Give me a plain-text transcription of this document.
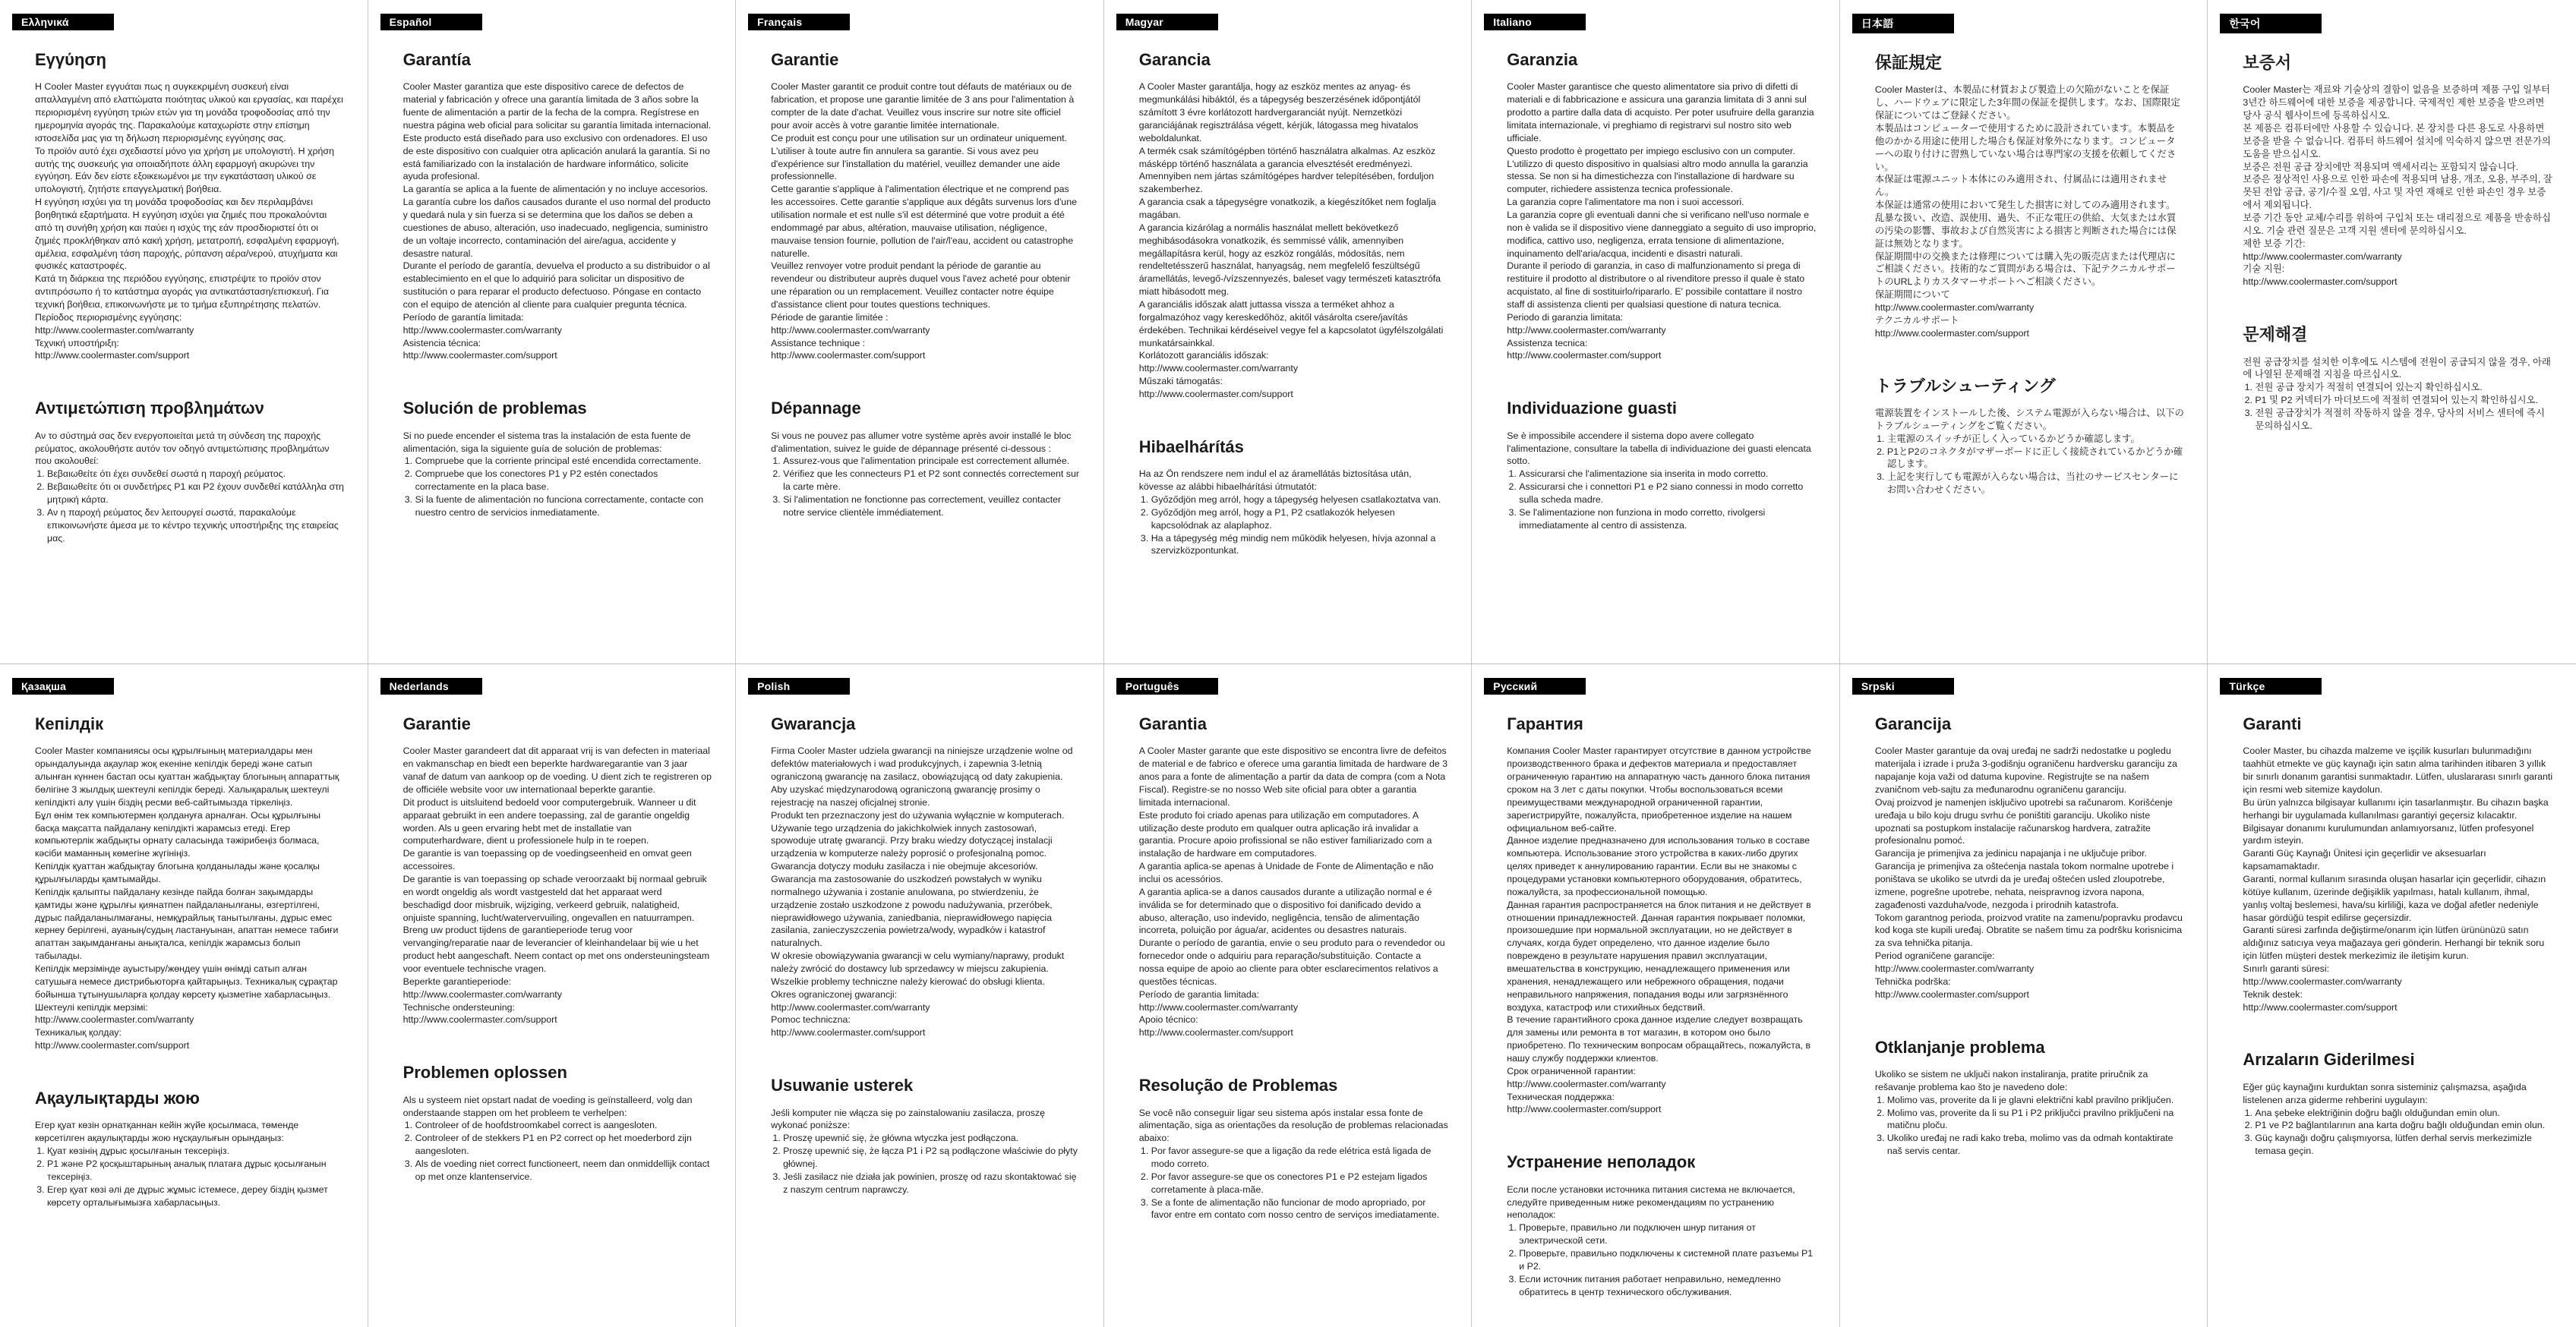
Ελληνικά
Εγγύηση

Η Cooler Master εγγυάται πως η συγκεκριμένη συσκευή είναι απαλλαγμένη από ελαττώματα ποιότητας υλικού και εργασίας, και παρέχει περιορισμένη εγγύηση τριών ετών για τη μονάδα τροφοδοσίας από την ημερομηνία αγοράς της. Παρακαλούμε καταχωρίστε στην επίσημη ιστοσελίδα μας για τη δήλωση περιορισμένης εγγύησης σας.
Το προϊόν αυτό έχει σχεδιαστεί μόνο για χρήση με υπολογιστή. Η χρήση αυτής της συσκευής για οποιαδήποτε άλλη εφαρμογή ακυρώνει την εγγύηση. Εάν δεν είστε εξοικειωμένοι με την εγκατάσταση υλικού σε υπολογιστή, ζητήστε επαγγελματική βοήθεια.
Η εγγύηση ισχύει για τη μονάδα τροφοδοσίας και δεν περιλαμβάνει βοηθητικά εξαρτήματα. Η εγγύηση ισχύει για ζημιές που προκαλούνται από τη συνήθη χρήση και παύει η ισχύς της εάν προσδιοριστεί ότι οι ζημιές προκλήθηκαν από κακή χρήση, μετατροπή, εσφαλμένη εφαρμογή, αμέλεια, εσφαλμένη τάση παροχής, ρύπανση αέρα/νερού, ατυχήματα και φυσικές καταστροφές.
Κατά τη διάρκεια της περιόδου εγγύησης, επιστρέψτε το προϊόν στον αντιπρόσωπο ή το κατάστημα αγοράς για αντικατάσταση/επισκευή. Για τεχνική βοήθεια, επικοινωνήστε με το τμήμα εξυπηρέτησης πελατών.
Περίοδος περιορισμένης εγγύησης:
http://www.coolermaster.com/warranty
Τεχνική υποστήριξη:
http://www.coolermaster.com/support

Αντιμετώπιση προβλημάτων

Αν το σύστημά σας δεν ενεργοποιείται μετά τη σύνδεση της παροχής ρεύματος, ακολουθήστε αυτόν τον οδηγό αντιμετώπισης προβλημάτων που ακολουθεί:

1. Βεβαιωθείτε ότι έχει συνδεθεί σωστά η παροχή ρεύματος.
2. Βεβαιωθείτε ότι οι συνδετήρες P1 και P2 έχουν συνδεθεί κατάλληλα στη μητρική κάρτα.
3. Αν η παροχή ρεύματος δεν λειτουργεί σωστά, παρακαλούμε επικοινωνήστε άμεσα με το κέντρο τεχνικής υποστήριξης της εταιρείας μας.
Español
Garantía

Cooler Master garantiza que este dispositivo carece de defectos de material y fabricación y ofrece una garantía limitada de 3 años sobre la fuente de alimentación a partir de la fecha de la compra. Regístrese en nuestra página web oficial para solicitar su garantía limitada internacional.
Este producto está diseñado para uso exclusivo con ordenadores. El uso de este dispositivo con cualquier otra aplicación anulará la garantía. Si no está familiarizado con la instalación de hardware informático, solicite ayuda profesional.
La garantía se aplica a la fuente de alimentación y no incluye accesorios.
La garantía cubre los daños causados durante el uso normal del producto y quedará nula y sin fuerza si se determina que los daños se deben a cuestiones de abuso, alteración, uso inadecuado, negligencia, suministro de un voltaje incorrecto, contaminación del aire/agua, accidente y desastre natural.
Durante el período de garantía, devuelva el producto a su distribuidor o al establecimiento en el que lo adquirió para solicitar un dispositivo de sustitución o para reparar el producto defectuoso. Póngase en contacto con el equipo de atención al cliente para cualquier pregunta técnica.
Período de garantía limitada:
http://www.coolermaster.com/warranty
Asistencia técnica:
http://www.coolermaster.com/support

Solución de problemas

Si no puede encender el sistema tras la instalación de esta fuente de alimentación, siga la siguiente guía de solución de problemas:

1. Compruebe que la corriente principal esté encendida correctamente.
2. Compruebe que los conectores P1 y P2 estén conectados correctamente en la placa base.
3. Si la fuente de alimentación no funciona correctamente, contacte con nuestro centro de servicios inmediatamente.
Français
Garantie

Cooler Master garantit ce produit contre tout défauts de matériaux ou de fabrication, et propose une garantie limitée de 3 ans pour l'alimentation à compter de la date d'achat. Veuillez vous inscrire sur notre site officiel pour avoir accès à votre garantie limitée internationale.
Ce produit est conçu pour une utilisation sur un ordinateur uniquement. L'utiliser à toute autre fin annulera sa garantie. Si vous avez peu d'expérience sur l'installation du matériel, veuillez demander une aide professionnelle.
Cette garantie s'applique à l'alimentation électrique et ne comprend pas les accessoires. Cette garantie s'applique aux dégâts survenus lors d'une utilisation normale et est nulle s'il est déterminé que votre produit a été endommagé par abus, altération, mauvaise utilisation, négligence, mauvaise tension fournie, pollution de l'air/l'eau, accident ou catastrophe naturelle.
Veuillez renvoyer votre produit pendant la période de garantie au revendeur ou distributeur auprès duquel vous l'avez acheté pour obtenir une réparation ou un remplacement. Veuillez contacter notre équipe d'assistance client pour toutes questions techniques.
Période de garantie limitée :
http://www.coolermaster.com/warranty
Assistance technique :
http://www.coolermaster.com/support

Dépannage

Si vous ne pouvez pas allumer votre système après avoir installé le bloc d'alimentation, suivez le guide de dépannage présenté ci-dessous :

1. Assurez-vous que l'alimentation principale est correctement allumée.
2. Vérifiez que les connecteurs P1 et P2 sont connectés correctement sur la carte mère.
3. Si l'alimentation ne fonctionne pas correctement, veuillez contacter notre service clientèle immédiatement.
Magyar
Garancia

A Cooler Master garantálja, hogy az eszköz mentes az anyag- és megmunkálási hibáktól, és a tápegység beszerzésének időpontjától számított 3 évre korlátozott hardvergaranciát nyújt. Nemzetközi garanciájának regisztrálása végett, kérjük, látogassa meg hivatalos weboldalunkat.
A termék csak számítógépben történő használatra alkalmas. Az eszköz másképp történő használata a garancia elvesztését eredményezi. Amennyiben nem jártas számítógépes hardver telepítésében, forduljon szakemberhez.
A garancia csak a tápegységre vonatkozik, a kiegészítőket nem foglalja magában.
A garancia kizárólag a normális használat mellett bekövetkező meghibásodásokra vonatkozik, és semmissé válik, amennyiben megállapításra kerül, hogy az eszköz rongálás, módosítás, nem rendeltetésszerű használat, hanyagság, nem megfelelő feszültségű áramellátás, levegő-/vízszennyezés, baleset vagy természeti katasztrófa miatt hibásodott meg.
A garanciális időszak alatt juttassa vissza a terméket ahhoz a forgalmazóhoz vagy kereskedőhöz, akitől vásárolta csere/javítás érdekében. Technikai kérdéseivel vegye fel a kapcsolatot ügyfélszolgálati munkatársainkkal.
Korlátozott garanciális időszak:
http://www.coolermaster.com/warranty
Műszaki támogatás:
http://www.coolermaster.com/support

Hibaelhárítás

Ha az Ön rendszere nem indul el az áramellátás biztosítása után, kövesse az alábbi hibaelhárítási útmutatót:

1. Győződjön meg arról, hogy a tápegység helyesen csatlakoztatva van.
2. Győződjön meg arról, hogy a P1, P2 csatlakozók helyesen kapcsolódnak az alaplaphoz.
3. Ha a tápegység még mindig nem működik helyesen, hívja azonnal a szervizközpontunkat.
Italiano
Garanzia

Cooler Master garantisce che questo alimentatore sia privo di difetti di materiali e di fabbricazione e assicura una garanzia limitata di 3 anni sul prodotto a partire dalla data di acquisto. Per poter usufruire della garanzia limitata internazionale, vi preghiamo di registrarvi sul nostro sito web ufficiale.
Questo prodotto è progettato per impiego esclusivo con un computer. L'utilizzo di questo dispositivo in qualsiasi altro modo annulla la garanzia stessa. Se non si ha dimestichezza con l'installazione di hardware su computer, richiedere assistenza tecnica professionale.
La garanzia copre l'alimentatore ma non i suoi accessori.
La garanzia copre gli eventuali danni che si verificano nell'uso normale e non è valida se il dispositivo viene danneggiato a seguito di uso improprio, modifica, cattivo uso, negligenza, errata tensione di alimentazione, inquinamento dell'aria/acqua, incidenti e disastri naturali.
Durante il periodo di garanzia, in caso di malfunzionamento si prega di restituire il prodotto al distributore o al rivenditore presso il quale è stato acquistato, al fine di sostituirlo/ripararlo. E' possibile contattare il nostro staff di assistenza clienti per qualsiasi questione di natura tecnica.
Periodo di garanzia limitata:
http://www.coolermaster.com/warranty
Assistenza tecnica:
http://www.coolermaster.com/support

Individuazione guasti

Se è impossibile accendere il sistema dopo avere collegato l'alimentazione, consultare la tabella di individuazione dei guasti elencata sotto.

1. Assicurarsi che l'alimentazione sia inserita in modo corretto.
2. Assicurarsi che i connettori P1 e P2 siano connessi in modo corretto sulla scheda madre.
3. Se l'alimentazione non funziona in modo corretto, rivolgersi immediatamente al centro di assistenza.
日本語
保証規定

Cooler Masterは、本製品に材質および製造上の欠陥がないことを保証し、ハードウェアに限定した3年間の保証を提供します。なお、国際限定保証についてはご登録ください。
本製品はコンピューターで使用するために設計されています。本製品を他のかかる用途に使用した場合も保証対象外になります。コンピューターへの取り付けに習熟していない場合は専門家の支援を依頼してください。
本保証は電源ユニット本体にのみ適用され、付属品には適用されません。
本保証は通常の使用において発生した損害に対してのみ適用されます。乱暴な扱い、改造、誤使用、過失、不正な電圧の供給、大気または水質の汚染の影響、事故および自然災害による損害と判断された場合には保証は無効となります。
保証期間中の交換または修理については購入先の販売店または代理店にご相談ください。技術的なご質問がある場合は、下記テクニカルサポートのURLよりカスタマーサポートへご相談ください。
保証期間について
http://www.coolermaster.com/warranty
テクニカルサポート
http://www.coolermaster.com/support

トラブルシューティング

電源装置をインストールした後、システム電源が入らない場合は、以下のトラブルシューティングをご覧ください。

1. 主電源のスイッチが正しく入っているかどうか確認します。
2. P1とP2のコネクタがマザーボードに正しく接続されているかどうか確認します。
3. 上記を実行しても電源が入らない場合は、当社のサービスセンターにお問い合わせください。
한국어
보증서

Cooler Master는 재료와 기술상의 결함이 없음을 보증하며 제품 구입 일부터 3년간 하드웨어에 대한 보증을 제공합니다. 국제적인 제한 보증을 받으려면 당사 공식 웹사이트에 등록하십시오.
본 제품은 컴퓨터에만 사용할 수 있습니다. 본 장치를 다른 용도로 사용하면 보증을 받을 수 없습니다. 컴퓨터 하드웨어 설치에 익숙하지 않으면 전문가의 도움을 받으십시오.
보증은 전원 공급 장치에만 적용되며 액세서리는 포함되지 않습니다.
보증은 정상적인 사용으로 인한 파손에 적용되며 남용, 개조, 오용, 부주의, 잘못된 전압 공급, 공기/수질 오염, 사고 및 자연 재해로 인한 파손인 경우 보증에서 제외됩니다.
보증 기간 동안 교체/수리를 위하여 구입처 또는 대리점으로 제품을 반송하십시오. 기술 관련 질문은 고객 지원 센터에 문의하십시오.
제한 보증 기간:
http://www.coolermaster.com/warranty
기술 지원:
http://www.coolermaster.com/support

문제해결

전원 공급장치를 설치한 이후에도 시스템에 전원이 공급되지 않을 경우, 아래에 나열된 문제해결 지침을 따르십시오.

1. 전원 공급 장치가 적절히 연결되어 있는지 확인하십시오.
2. P1 및 P2 커넥터가 마더보드에 적절히 연결되어 있는지 확인하십시오.
3. 전원 공급장치가 적절히 작동하지 않을 경우, 당사의 서비스 센터에 즉시 문의하십시오.
Қазақша
Кепілдік

Cooler Master компаниясы осы құрылғының материалдары мен орындалуында ақаулар жоқ екеніне кепілдік береді және сатып алынған күннен бастап осы қуаттан жабдықтау блогының аппараттық бөлігіне 3 жылдық шектеулі кепілдік береді. Халықаралық шектеулі кепілдікті алу үшін біздің ресми веб-сайтымызда тіркеліңіз.
Бұл өнім тек компьютермен қолдануға арналған. Осы құрылғыны басқа мақсатта пайдалану кепілдікті жарамсыз етеді. Егер компьютерлік жабдықты орнату саласында тәжірибеңіз болмаса, кәсіби маманның көмегіне жүгініңіз.
Кепілдік қуаттан жабдықтау блогына қолданылады және қосалқы құрылғыларды қамтымайды.
Кепілдік қалыпты пайдалану кезінде пайда болған зақымдарды қамтиды және құрылғы қиянатпен пайдаланылғаны, өзгертілгені, дұрыс пайдаланылмағаны, немқұрайлық танытылғаны, дұрыс емес кернеу берілгені, ауаның/судың ластануынан, апаттан немесе табиғи апаттан зақымданғаны анықталса, кепілдік жарамсыз болып табылады.
Кепілдік мерзімінде ауыстыру/жөндеу үшін өнімді сатып алған сатушыға немесе дистрибьюторға қайтарыңыз. Техникалық сұрақтар бойынша тұтынушыларға қолдау көрсету қызметіне хабарласыңыз.
Шектеулі кепілдік мерзімі:
http://www.coolermaster.com/warranty
Техникалық қолдау:
http://www.coolermaster.com/support

Ақаулықтарды жою

Егер қуат көзін орнатқаннан кейін жүйе қосылмаса, төменде көрсетілген ақаулықтарды жою нұсқаулығын орындаңыз:

1. Қуат көзінің дұрыс қосылғанын тексеріңіз.
2. P1 және P2 қосқыштарының аналық платаға дұрыс қосылғанын тексеріңіз.
3. Егер қуат көзі әлі де дұрыс жұмыс істемесе, дереу біздің қызмет көрсету орталығымызға хабарласыңыз.
Nederlands
Garantie

Cooler Master garandeert dat dit apparaat vrij is van defecten in materiaal en vakmanschap en biedt een beperkte hardwaregarantie van 3 jaar vanaf de datum van aankoop op de voeding. U dient zich te registreren op de officiële website voor uw internationaal beperkte garantie.
Dit product is uitsluitend bedoeld voor computergebruik. Wanneer u dit apparaat gebruikt in een andere toepassing, zal de garantie ongeldig worden. Als u geen ervaring hebt met de installatie van computerhardware, dient u professionele hulp in te roepen.
De garantie is van toepassing op de voedingseenheid en omvat geen accessoires.
De garantie is van toepassing op schade veroorzaakt bij normaal gebruik en wordt ongeldig als wordt vastgesteld dat het apparaat werd beschadigd door misbruik, wijziging, verkeerd gebruik, nalatigheid, onjuiste spanning, lucht/watervervuiling, ongevallen en natuurrampen.
Breng uw product tijdens de garantieperiode terug voor vervanging/reparatie naar de leverancier of kleinhandelaar bij wie u het product hebt aangeschaft. Neem contact op met ons ondersteuningsteam voor eventuele technische vragen.
Beperkte garantieperiode:
http://www.coolermaster.com/warranty
Technische ondersteuning:
http://www.coolermaster.com/support

Problemen oplossen

Als u systeem niet opstart nadat de voeding is geïnstalleerd, volg dan onderstaande stappen om het probleem te verhelpen:

1. Controleer of de hoofdstroomkabel correct is aangesloten.
2. Controleer of de stekkers P1 en P2 correct op het moederbord zijn aangesloten.
3. Als de voeding niet correct functioneert, neem dan onmiddellijk contact op met onze klantenservice.
Polish
Gwarancja

Firma Cooler Master udziela gwarancji na niniejsze urządzenie wolne od defektów materiałowych i wad produkcyjnych, i zapewnia 3-letnią ograniczoną gwarancję na zasilacz, obowiązującą od daty zakupienia. Aby uzyskać międzynarodową ograniczoną gwarancję prosimy o rejestrację na naszej oficjalnej stronie.
Produkt ten przeznaczony jest do używania wyłącznie w komputerach. Używanie tego urządzenia do jakichkolwiek innych zastosowań, spowoduje utratę gwarancji. Przy braku wiedzy dotyczącej instalacji urządzenia w komputerze należy poprosić o profesjonalną pomoc.
Gwarancja dotyczy modułu zasilacza i nie obejmuje akcesoriów.
Gwarancja ma zastosowanie do uszkodzeń powstałych w wyniku normalnego używania i zostanie anulowana, po stwierdzeniu, że urządzenie zostało uszkodzone z powodu nadużywania, przeróbek, nieprawidłowego używania, zaniedbania, nieprawidłowego napięcia zasilania, zanieczyszczenia powietrza/wody, wypadków i katastrof naturalnych.
W okresie obowiązywania gwarancji w celu wymiany/naprawy, produkt należy zwrócić do dostawcy lub sprzedawcy w miejscu zakupienia. Wszelkie problemy techniczne należy kierować do obsługi klienta.
Okres ograniczonej gwarancji:
http://www.coolermaster.com/warranty
Pomoc techniczna:
http://www.coolermaster.com/support

Usuwanie usterek

Jeśli komputer nie włącza się po zainstalowaniu zasilacza, proszę wykonać poniższe:

1. Proszę upewnić się, że główna wtyczka jest podłączona.
2. Proszę upewnić się, że łącza P1 i P2 są podłączone właściwie do płyty głównej.
3. Jeśli zasilacz nie działa jak powinien, proszę od razu skontaktować się z naszym centrum naprawczy.
Português
Garantia

A Cooler Master garante que este dispositivo se encontra livre de defeitos de material e de fabrico e oferece uma garantia limitada de hardware de 3 anos para a fonte de alimentação a partir da data de compra (com a Nota Fiscal). Registre-se no nosso Web site oficial para obter a garantia limitada internacional.
Este produto foi criado apenas para utilização em computadores. A utilização deste produto em qualquer outra aplicação irá invalidar a garantia. Procure apoio profissional se não estiver familiarizado com a instalação de hardware em computadores.
A garantia aplica-se apenas à Unidade de Fonte de Alimentação e não inclui os acessórios.
A garantia aplica-se a danos causados durante a utilização normal e é inválida se for determinado que o dispositivo foi danificado devido a abuso, alteração, uso indevido, negligência, tensão de alimentação incorreta, poluição por água/ar, acidentes ou desastres naturais.
Durante o período de garantia, envie o seu produto para o revendedor ou fornecedor onde o adquiriu para reparação/substituição. Contacte a nossa equipe de apoio ao cliente para obter esclarecimentos relativos a questões técnicas.
Período de garantia limitada:
http://www.coolermaster.com/warranty
Apoio técnico:
http://www.coolermaster.com/support

Resolução de Problemas

Se você não conseguir ligar seu sistema após instalar essa fonte de alimentação, siga as orientações da resolução de problemas relacionadas abaixo:

1. Por favor assegure-se que a ligação da rede elétrica está ligada de modo correto.
2. Por favor assegure-se que os conectores P1 e P2 estejam ligados corretamente à placa-mãe.
3. Se a fonte de alimentação não funcionar de modo apropriado, por favor entre em contato com nosso centro de serviços imediatamente.
Русский
Гарантия

Компания Cooler Master гарантирует отсутствие в данном устройстве производственного брака и дефектов материала и предоставляет ограниченную гарантию на аппаратную часть данного блока питания сроком на 3 лет с даты покупки. Чтобы воспользоваться всеми преимуществами международной ограниченной гарантии, зарегистрируйте, пожалуйста, приобретенное изделие на нашем официальном веб-сайте.
Данное изделие предназначено для использования только в составе компьютера. Использование этого устройства в каких-либо других целях приведет к аннулированию гарантии. Если вы не знакомы с процедурами установки компьютерного оборудования, обратитесь, пожалуйста, за профессиональной помощью.
Данная гарантия распространяется на блок питания и не действует в отношении принадлежностей. Данная гарантия покрывает поломки, произошедшие при нормальной эксплуатации, но не действует в случаях, когда будет определено, что данное изделие было повреждено в результате нарушения правил эксплуатации, вмешательства в конструкцию, ненадлежащего применения или хранения, ненадлежащего или небрежного обращения, подачи неправильного напряжения, попадания воды или загрязнённого воздуха, катастроф или стихийных бедствий.
В течение гарантийного срока данное изделие следует возвращать для замены или ремонта в тот магазин, в котором оно было приобретено. По техническим вопросам обращайтесь, пожалуйста, в нашу службу поддержки клиентов.
Срок ограниченной гарантии:
http://www.coolermaster.com/warranty
Техническая поддержка:
http://www.coolermaster.com/support

Устранение неполадок

Если после установки источника питания система не включается, следуйте приведенным ниже рекомендациям по устранению неполадок:

1. Проверьте, правильно ли подключен шнур питания от электрической сети.
2. Проверьте, правильно подключены к системной плате разъемы P1 и P2.
3. Если источник питания работает неправильно, немедленно обратитесь в центр технического обслуживания.
Srpski
Garancija

Cooler Master garantuje da ovaj uređaj ne sadrži nedostatke u pogledu materijala i izrade i pruža 3-godišnju ograničenu hardversku garanciju za napajanje koja važi od datuma kupovine. Registrujte se na našem zvaničnom veb-sajtu za međunarodnu ograničenu garanciju.
Ovaj proizvod je namenjen isključivo upotrebi sa računarom. Korišćenje uređaja u bilo koju drugu svrhu će poništiti garanciju. Ukoliko niste upoznati sa postupkom instalacije računarskog hardvera, zatražite profesionalnu pomoć.
Garancija je primenjiva za jedinicu napajanja i ne uključuje pribor.
Garancija je primenjiva za oštećenja nastala tokom normalne upotrebe i poništava se ukoliko se utvrdi da je uređaj oštećen usled zloupotrebe, izmene, pogrešne upotrebe, nehata, neispravnog izvora napona, zagađenosti vazduha/vode, nezgoda i prirodnih katastrofa.
Tokom garantnog perioda, proizvod vratite na zamenu/popravku prodavcu kod koga ste kupili uređaj. Obratite se našem timu za podršku korisnicima za sva tehnička pitanja.
Period ograničene garancije:
http://www.coolermaster.com/warranty
Tehnička podrška:
http://www.coolermaster.com/support

Otklanjanje problema

Ukoliko se sistem ne uključi nakon instaliranja, pratite priručnik za rešavanje problema kao što je navedeno dole:

1. Molimo vas, proverite da li je glavni električni kabl pravilno priključen.
2. Molimo vas, proverite da li su P1 i P2 priključci pravilno priključeni na matičnu ploču.
3. Ukoliko uređaj ne radi kako treba, molimo vas da odmah kontaktirate naš servis centar.
Türkçe
Garanti

Cooler Master, bu cihazda malzeme ve işçilik kusurları bulunmadığını taahhüt etmekte ve güç kaynağı için satın alma tarihinden itibaren 3 yıllık bir sınırlı donanım garantisi sunmaktadır. Lütfen, uluslararası sınırlı garanti için resmi web sitemize kaydolun.
Bu ürün yalnızca bilgisayar kullanımı için tasarlanmıştır. Bu cihazın başka herhangi bir uygulamada kullanılması garantiyi geçersiz kılacaktır. Bilgisayar donanımı kurulumundan anlamıyorsanız, lütfen profesyonel yardım isteyin.
Garanti Güç Kaynağı Ünitesi için geçerlidir ve aksesuarları kapsamamaktadır.
Garanti, normal kullanım sırasında oluşan hasarlar için geçerlidir, cihazın kötüye kullanım, üzerinde değişiklik yapılması, hatalı kullanım, ihmal, yanlış voltaj beslemesi, hava/su kirliliği, kaza ve doğal afetler nedeniyle hasar gördüğü tespit edilirse geçersizdir.
Garanti süresi zarfında değiştirme/onarım için lütfen ürününüzü satın aldığınız satıcıya veya mağazaya geri gönderin. Herhangi bir teknik soru için lütfen müşteri destek merkezimiz ile iletişim kurun.
Sınırlı garanti süresi:
http://www.coolermaster.com/warranty
Teknik destek:
http://www.coolermaster.com/support

Arızaların Giderilmesi

Eğer güç kaynağını kurduktan sonra sisteminiz çalışmazsa, aşağıda listelenen arıza giderme rehberini uygulayın:

1. Ana şebeke elektriğinin doğru bağlı olduğundan emin olun.
2. P1 ve P2 bağlantılarının ana karta doğru bağlı olduğundan emin olun.
3. Güç kaynağı doğru çalışmıyorsa, lütfen derhal servis merkezimizle temasa geçin.
